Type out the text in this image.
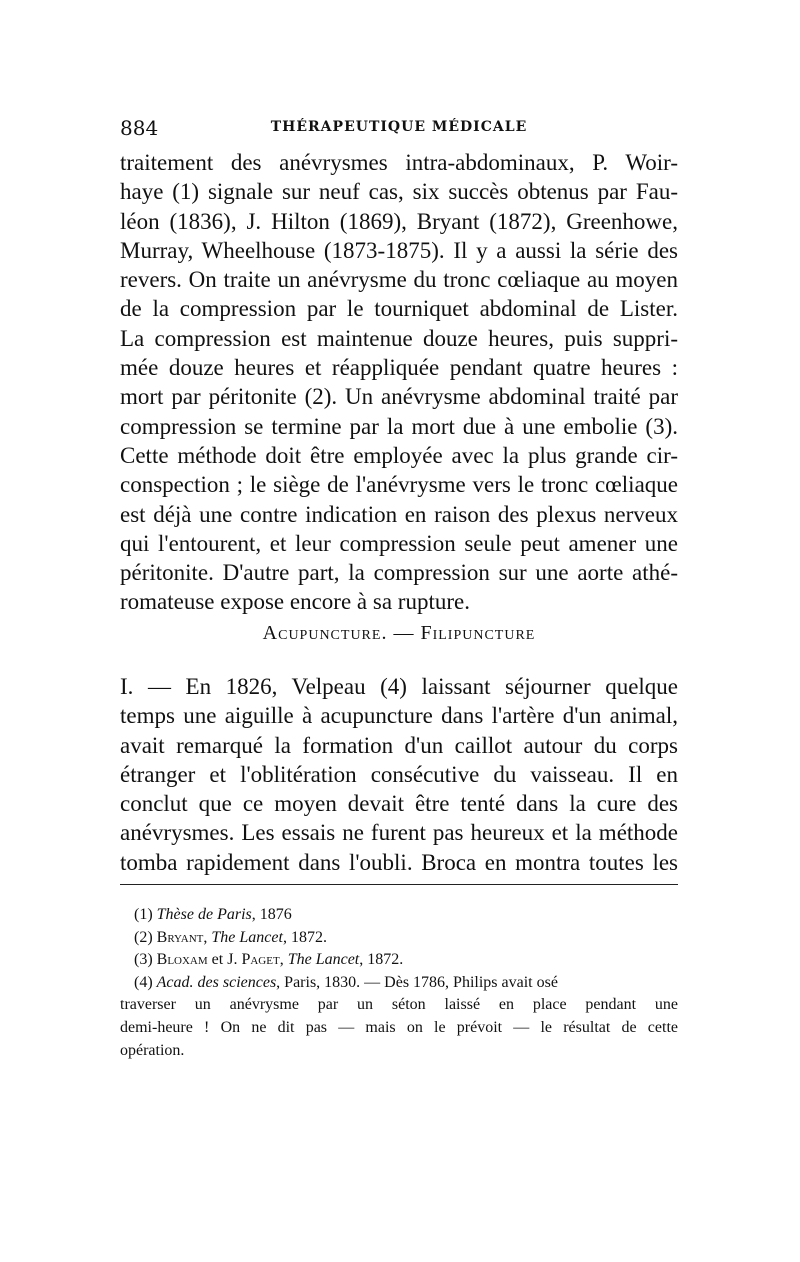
884	THÉRAPEUTIQUE MÉDICALE
traitement des anévrysmes intra-abdominaux, P. Woir-
haye (1) signale sur neuf cas, six succès obtenus par Fau-
léon (1836), J. Hilton (1869), Bryant (1872), Greenhowe,
Murray, Wheelhouse (1873-1875). Il y a aussi la série des
revers. On traite un anévrysme du tronc cœliaque au moyen
de la compression par le tourniquet abdominal de Lister.
La compression est maintenue douze heures, puis suppri-
mée douze heures et réappliquée pendant quatre heures :
mort par péritonite (2). Un anévrysme abdominal traité par
compression se termine par la mort due à une embolie (3).
Cette méthode doit être employée avec la plus grande cir-
conspection ; le siège de l'anévrysme vers le tronc cœliaque
est déjà une contre indication en raison des plexus nerveux
qui l'entourent, et leur compression seule peut amener une
péritonite. D'autre part, la compression sur une aorte athé-
romateuse expose encore à sa rupture.
Acupuncture. — Filipuncture
I. — En 1826, Velpeau (4) laissant séjourner quelque
temps une aiguille à acupuncture dans l'artère d'un animal,
avait remarqué la formation d'un caillot autour du corps
étranger et l'oblitération consécutive du vaisseau. Il en
conclut que ce moyen devait être tenté dans la cure des
anévrysmes. Les essais ne furent pas heureux et la méthode
tomba rapidement dans l'oubli. Broca en montra toutes les
(1) Thèse de Paris, 1876
(2) Bryant, The Lancet, 1872.
(3) Bloxam et J. Paget, The Lancet, 1872.
(4) Acad. des sciences, Paris, 1830. — Dès 1786, Philips avait osé
traverser un anévrysme par un séton laissé en place pendant une
demi-heure ! On ne dit pas — mais on le prévoit — le résultat de cette
opération.
